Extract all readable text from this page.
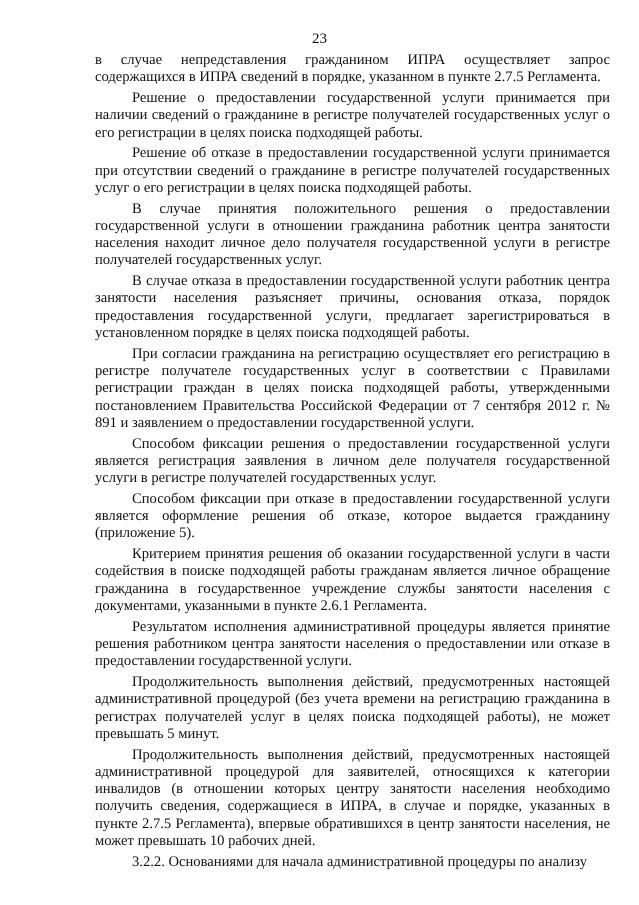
23

в случае непредставления гражданином ИПРА осуществляет запрос содержащихся в ИПРА сведений в порядке, указанном в пункте 2.7.5 Регламента.

Решение о предоставлении государственной услуги принимается при наличии сведений о гражданине в регистре получателей государственных услуг о его регистрации в целях поиска подходящей работы.

Решение об отказе в предоставлении государственной услуги принимается при отсутствии сведений о гражданине в регистре получателей государственных услуг о его регистрации в целях поиска подходящей работы.

В случае принятия положительного решения о предоставлении государственной услуги в отношении гражданина работник центра занятости населения находит личное дело получателя государственной услуги в регистре получателей государственных услуг.

В случае отказа в предоставлении государственной услуги работник центра занятости населения разъясняет причины, основания отказа, порядок предоставления государственной услуги, предлагает зарегистрироваться в установленном порядке в целях поиска подходящей работы.

При согласии гражданина на регистрацию осуществляет его регистрацию в регистре получателе государственных услуг в соответствии с Правилами регистрации граждан в целях поиска подходящей работы, утвержденными постановлением Правительства Российской Федерации от 7 сентября 2012 г. № 891 и заявлением о предоставлении государственной услуги.

Способом фиксации решения о предоставлении государственной услуги является регистрация заявления в личном деле получателя государственной услуги в регистре получателей государственных услуг.

Способом фиксации при отказе в предоставлении государственной услуги является оформление решения об отказе, которое выдается гражданину (приложение 5).

Критерием принятия решения об оказании государственной услуги в части содействия в поиске подходящей работы гражданам является личное обращение гражданина в государственное учреждение службы занятости населения с документами, указанными в пункте 2.6.1 Регламента.

Результатом исполнения административной процедуры является принятие решения работником центра занятости населения о предоставлении или отказе в предоставлении государственной услуги.

Продолжительность выполнения действий, предусмотренных настоящей административной процедурой (без учета времени на регистрацию гражданина в регистрах получателей услуг в целях поиска подходящей работы), не может превышать 5 минут.

Продолжительность выполнения действий, предусмотренных настоящей административной процедурой для заявителей, относящихся к категории инвалидов (в отношении которых центру занятости населения необходимо получить сведения, содержащиеся в ИПРА, в случае и порядке, указанных в пункте 2.7.5 Регламента), впервые обратившихся в центр занятости населения, не может превышать 10 рабочих дней.

3.2.2. Основаниями для начала административной процедуры по анализу
